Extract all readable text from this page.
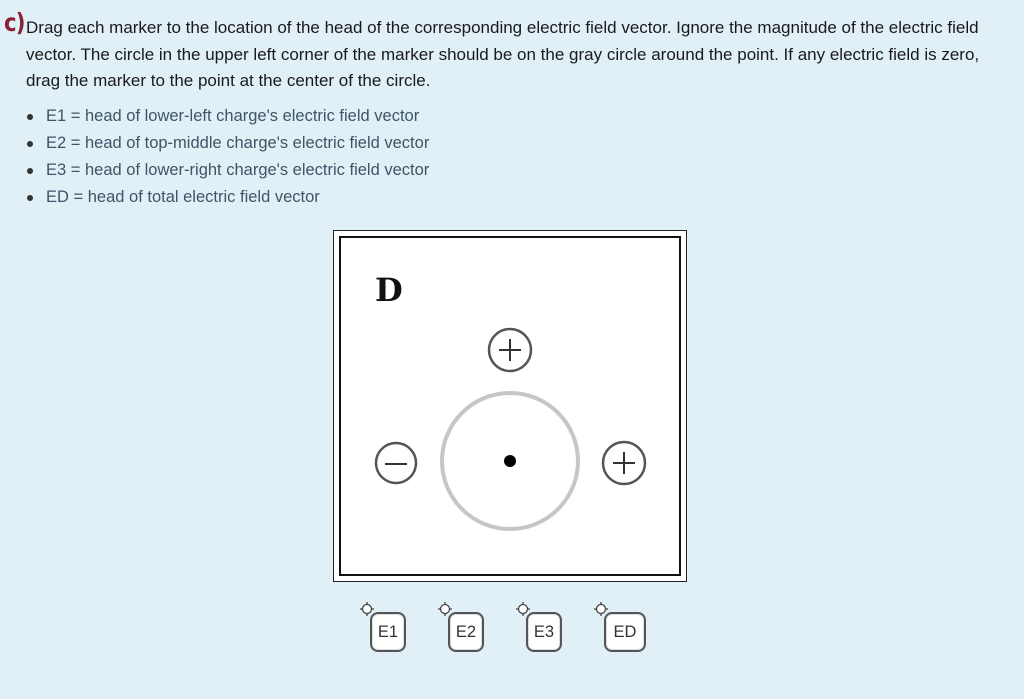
c) Drag each marker to the location of the head of the corresponding electric field vector. Ignore the magnitude of the electric field vector. The circle in the upper left corner of the marker should be on the gray circle around the point. If any electric field is zero, drag the marker to the point at the center of the circle.
E1 = head of lower-left charge's electric field vector
E2 = head of top-middle charge's electric field vector
E3 = head of lower-right charge's electric field vector
ED = head of total electric field vector
D
E1	E2	E3	ED
